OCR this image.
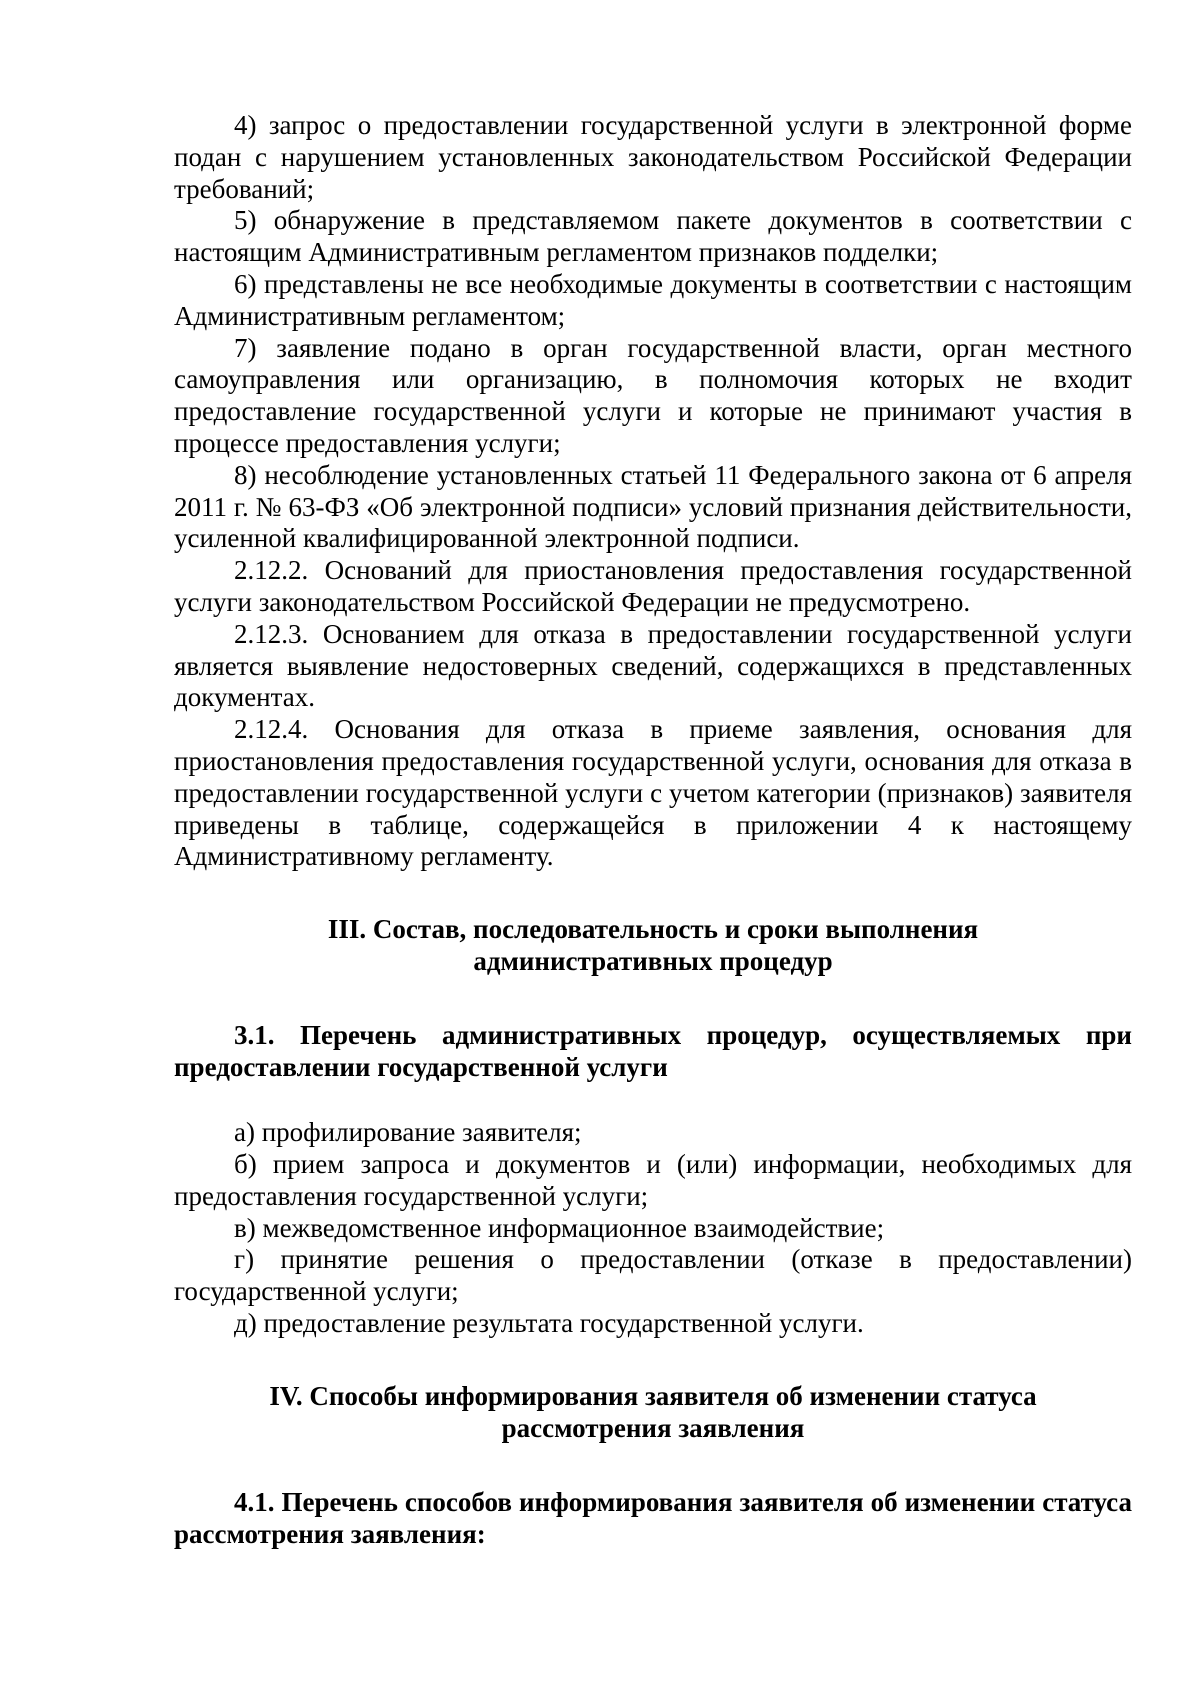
4) запрос о предоставлении государственной услуги в электронной форме подан с нарушением установленных законодательством Российской Федерации требований;

5) обнаружение в представляемом пакете документов в соответствии с настоящим Административным регламентом признаков подделки;

6) представлены не все необходимые документы в соответствии с настоящим Административным регламентом;

7) заявление подано в орган государственной власти, орган местного самоуправления или организацию, в полномочия которых не входит предоставление государственной услуги и которые не принимают участия в процессе предоставления услуги;

8) несоблюдение установленных статьей 11 Федерального закона от 6 апреля 2011 г. № 63-ФЗ «Об электронной подписи» условий признания действительности, усиленной квалифицированной электронной подписи.

2.12.2. Оснований для приостановления предоставления государственной услуги законодательством Российской Федерации не предусмотрено.

2.12.3. Основанием для отказа в предоставлении государственной услуги является выявление недостоверных сведений, содержащихся в представленных документах.

2.12.4. Основания для отказа в приеме заявления, основания для приостановления предоставления государственной услуги, основания для отказа в предоставлении государственной услуги с учетом категории (признаков) заявителя приведены в таблице, содержащейся в приложении 4 к настоящему Административному регламенту.

III. Состав, последовательность и сроки выполнения

административных процедур

3.1. Перечень административных процедур, осуществляемых при предоставлении государственной услуги

а) профилирование заявителя;

б) прием запроса и документов и (или) информации, необходимых для предоставления государственной услуги;

в) межведомственное информационное взаимодействие;

г) принятие решения о предоставлении (отказе в предоставлении) государственной услуги;

д) предоставление результата государственной услуги.

IV. Способы информирования заявителя об изменении статуса

рассмотрения заявления

4.1. Перечень способов информирования заявителя об изменении статуса рассмотрения заявления:
